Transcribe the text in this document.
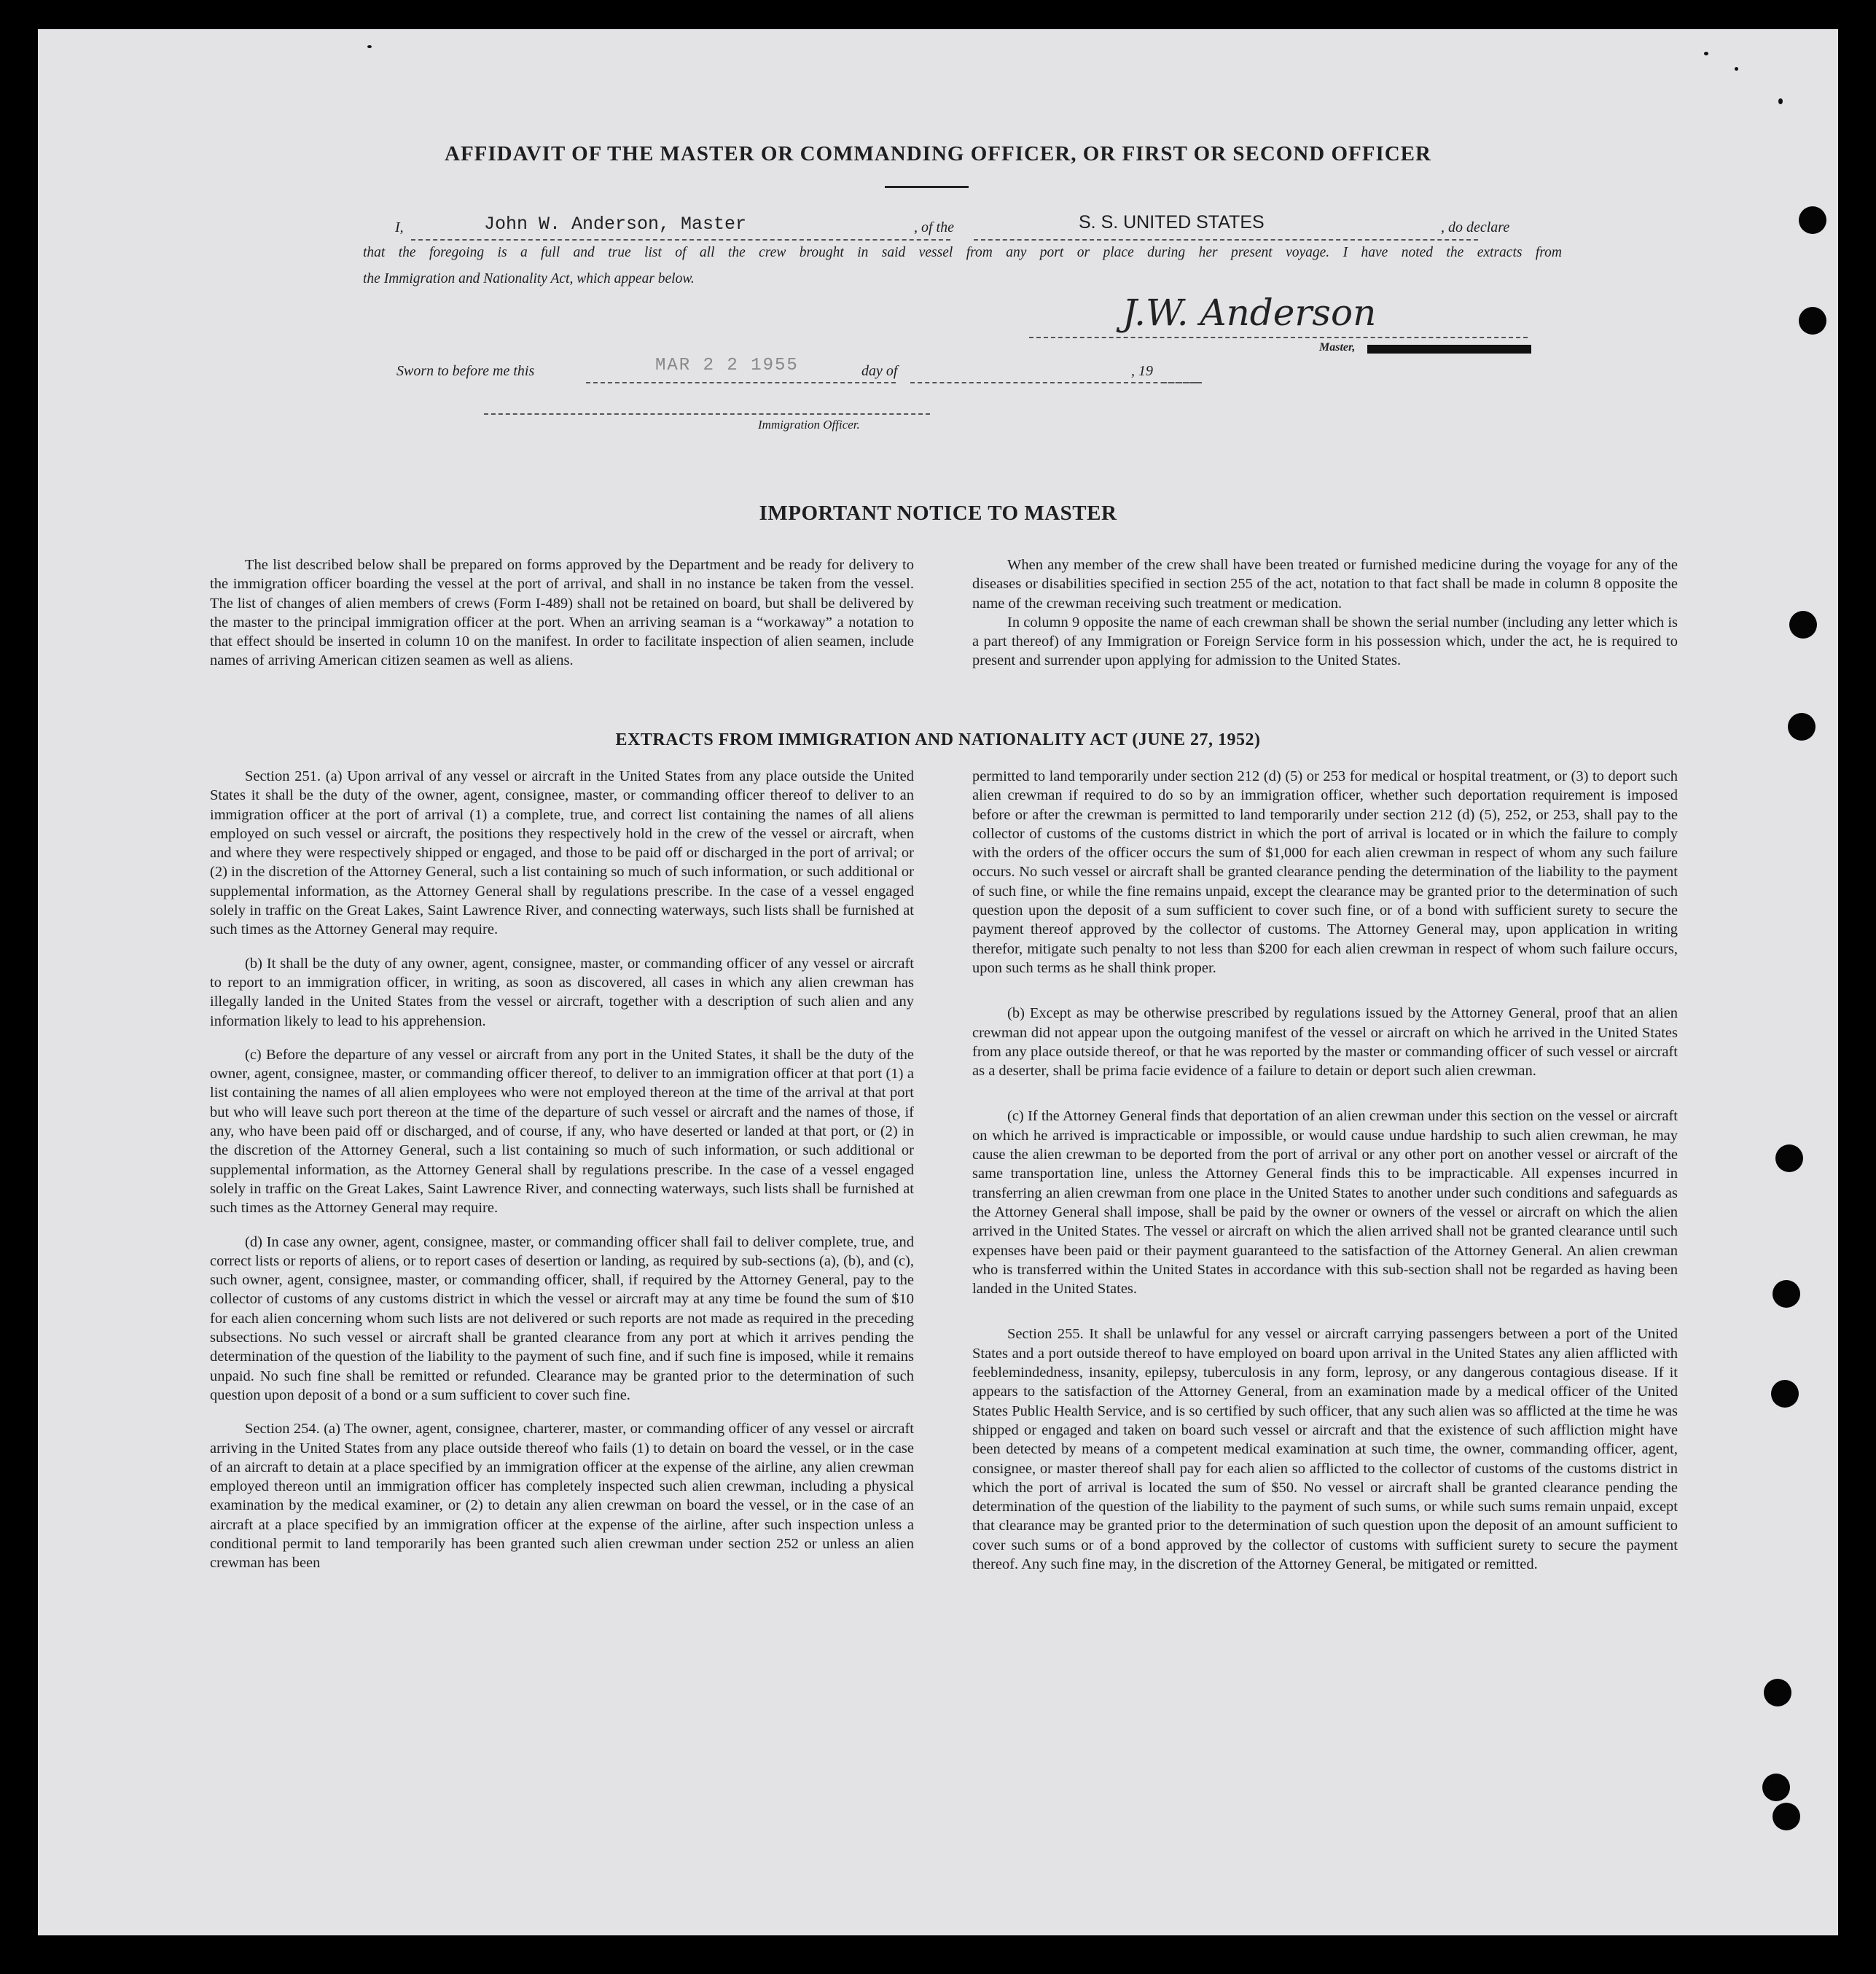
AFFIDAVIT OF THE MASTER OR COMMANDING OFFICER, OR FIRST OR SECOND OFFICER
I,	John W. Anderson, Master	, of the	S. S. UNITED STATES	, do declare
that the foregoing is a full and true list of all the crew brought in said vessel from any port or place during her present voyage. I have noted the extracts from
the Immigration and Nationality Act, which appear below.
J.W. Anderson
Master,
Sworn to before me this	MAR 2 2 1955	day of	, 19
Immigration Officer.
IMPORTANT NOTICE TO MASTER

The list described below shall be prepared on forms approved by the Department and be ready for delivery to the immigration officer boarding the vessel at the port of arrival, and shall in no instance be taken from the vessel. The list of changes of alien members of crews (Form I-489) shall not be retained on board, but shall be delivered by the master to the principal immigration officer at the port. When an arriving seaman is a “workaway” a notation to that effect should be inserted in column 10 on the manifest. In order to facilitate inspection of alien seamen, include names of arriving American citizen seamen as well as aliens.

When any member of the crew shall have been treated or furnished medicine during the voyage for any of the diseases or disabilities specified in section 255 of the act, notation to that fact shall be made in column 8 opposite the name of the crewman receiving such treatment or medication.

In column 9 opposite the name of each crewman shall be shown the serial number (including any letter which is a part thereof) of any Immigration or Foreign Service form in his possession which, under the act, he is required to present and surrender upon applying for admission to the United States.

EXTRACTS FROM IMMIGRATION AND NATIONALITY ACT (JUNE 27, 1952)

Section 251. (a) Upon arrival of any vessel or aircraft in the United States from any place outside the United States it shall be the duty of the owner, agent, consignee, master, or commanding officer thereof to deliver to an immigration officer at the port of arrival (1) a complete, true, and correct list containing the names of all aliens employed on such vessel or aircraft, the positions they respectively hold in the crew of the vessel or aircraft, when and where they were respectively shipped or engaged, and those to be paid off or discharged in the port of arrival; or (2) in the discretion of the Attorney General, such a list containing so much of such information, or such additional or supplemental information, as the Attorney General shall by regulations prescribe. In the case of a vessel engaged solely in traffic on the Great Lakes, Saint Lawrence River, and connecting waterways, such lists shall be furnished at such times as the Attorney General may require.

(b) It shall be the duty of any owner, agent, consignee, master, or commanding officer of any vessel or aircraft to report to an immigration officer, in writing, as soon as discovered, all cases in which any alien crewman has illegally landed in the United States from the vessel or aircraft, together with a description of such alien and any information likely to lead to his apprehension.

(c) Before the departure of any vessel or aircraft from any port in the United States, it shall be the duty of the owner, agent, consignee, master, or commanding officer thereof, to deliver to an immigration officer at that port (1) a list containing the names of all alien employees who were not employed thereon at the time of the arrival at that port but who will leave such port thereon at the time of the departure of such vessel or aircraft and the names of those, if any, who have been paid off or discharged, and of course, if any, who have deserted or landed at that port, or (2) in the discretion of the Attorney General, such a list containing so much of such information, or such additional or supplemental information, as the Attorney General shall by regulations prescribe. In the case of a vessel engaged solely in traffic on the Great Lakes, Saint Lawrence River, and connecting waterways, such lists shall be furnished at such times as the Attorney General may require.

(d) In case any owner, agent, consignee, master, or commanding officer shall fail to deliver complete, true, and correct lists or reports of aliens, or to report cases of desertion or landing, as required by sub-sections (a), (b), and (c), such owner, agent, consignee, master, or commanding officer, shall, if required by the Attorney General, pay to the collector of customs of any customs district in which the vessel or aircraft may at any time be found the sum of $10 for each alien concerning whom such lists are not delivered or such reports are not made as required in the preceding subsections. No such vessel or aircraft shall be granted clearance from any port at which it arrives pending the determination of the question of the liability to the payment of such fine, and if such fine is imposed, while it remains unpaid. No such fine shall be remitted or refunded. Clearance may be granted prior to the determination of such question upon deposit of a bond or a sum sufficient to cover such fine.

Section 254. (a) The owner, agent, consignee, charterer, master, or commanding officer of any vessel or aircraft arriving in the United States from any place outside thereof who fails (1) to detain on board the vessel, or in the case of an aircraft to detain at a place specified by an immigration officer at the expense of the airline, any alien crewman employed thereon until an immigration officer has completely inspected such alien crewman, including a physical examination by the medical examiner, or (2) to detain any alien crewman on board the vessel, or in the case of an aircraft at a place specified by an immigration officer at the expense of the airline, after such inspection unless a conditional permit to land temporarily has been granted such alien crewman under section 252 or unless an alien crewman has been

permitted to land temporarily under section 212 (d) (5) or 253 for medical or hospital treatment, or (3) to deport such alien crewman if required to do so by an immigration officer, whether such deportation requirement is imposed before or after the crewman is permitted to land temporarily under section 212 (d) (5), 252, or 253, shall pay to the collector of customs of the customs district in which the port of arrival is located or in which the failure to comply with the orders of the officer occurs the sum of $1,000 for each alien crewman in respect of whom any such failure occurs. No such vessel or aircraft shall be granted clearance pending the determination of the liability to the payment of such fine, or while the fine remains unpaid, except the clearance may be granted prior to the determination of such question upon the deposit of a sum sufficient to cover such fine, or of a bond with sufficient surety to secure the payment thereof approved by the collector of customs. The Attorney General may, upon application in writing therefor, mitigate such penalty to not less than $200 for each alien crewman in respect of whom such failure occurs, upon such terms as he shall think proper.

(b) Except as may be otherwise prescribed by regulations issued by the Attorney General, proof that an alien crewman did not appear upon the outgoing manifest of the vessel or aircraft on which he arrived in the United States from any place outside thereof, or that he was reported by the master or commanding officer of such vessel or aircraft as a deserter, shall be prima facie evidence of a failure to detain or deport such alien crewman.

(c) If the Attorney General finds that deportation of an alien crewman under this section on the vessel or aircraft on which he arrived is impracticable or impossible, or would cause undue hardship to such alien crewman, he may cause the alien crewman to be deported from the port of arrival or any other port on another vessel or aircraft of the same transportation line, unless the Attorney General finds this to be impracticable. All expenses incurred in transferring an alien crewman from one place in the United States to another under such conditions and safeguards as the Attorney General shall impose, shall be paid by the owner or owners of the vessel or aircraft on which the alien arrived in the United States. The vessel or aircraft on which the alien arrived shall not be granted clearance until such expenses have been paid or their payment guaranteed to the satisfaction of the Attorney General. An alien crewman who is transferred within the United States in accordance with this sub-section shall not be regarded as having been landed in the United States.

Section 255. It shall be unlawful for any vessel or aircraft carrying passengers between a port of the United States and a port outside thereof to have employed on board upon arrival in the United States any alien afflicted with feeblemindedness, insanity, epilepsy, tuberculosis in any form, leprosy, or any dangerous contagious disease. If it appears to the satisfaction of the Attorney General, from an examination made by a medical officer of the United States Public Health Service, and is so certified by such officer, that any such alien was so afflicted at the time he was shipped or engaged and taken on board such vessel or aircraft and that the existence of such affliction might have been detected by means of a competent medical examination at such time, the owner, commanding officer, agent, consignee, or master thereof shall pay for each alien so afflicted to the collector of customs of the customs district in which the port of arrival is located the sum of $50. No vessel or aircraft shall be granted clearance pending the determination of the question of the liability to the payment of such sums, or while such sums remain unpaid, except that clearance may be granted prior to the determination of such question upon the deposit of an amount sufficient to cover such sums or of a bond approved by the collector of customs with sufficient surety to secure the payment thereof. Any such fine may, in the discretion of the Attorney General, be mitigated or remitted.
